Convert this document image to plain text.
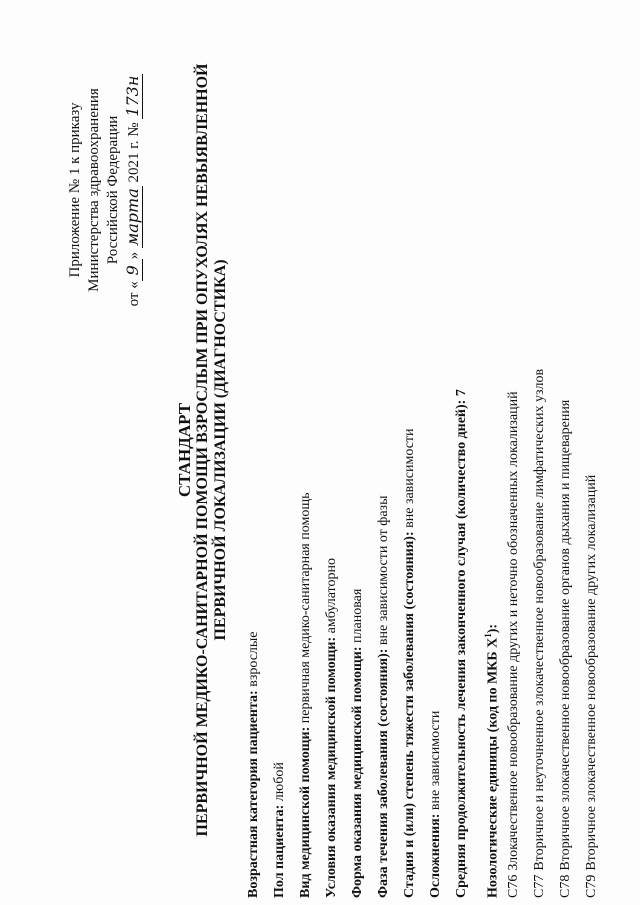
Приложение № 1 к приказу Министерства здравоохранения Российской Федерации
от «9» марта 2021 г. № 173н
СТАНДАРТ ПЕРВИЧНОЙ МЕДИКО-САНИТАРНОЙ ПОМОЩИ ВЗРОСЛЫМ ПРИ ОПУХОЛЯХ НЕВЫЯВЛЕННОЙ ПЕРВИЧНОЙ ЛОКАЛИЗАЦИИ (ДИАГНОСТИКА)
Возрастная категория пациента: взрослые
Пол пациента: любой Вид медицинской помощи: первичная медико-санитарная помощь
Условия оказания медицинской помощи: амбулаторно
Форма оказания медицинской помощи: плановая
Фаза течения заболевания (состояния): вне зависимости от фазы Стадия и (или) степень тяжести заболевания (состояния): вне зависимости
Осложнения: вне зависимости Средняя продолжительность лечения законченного случая (количество дней): 7
Нозологические единицы (код по МКБ $X^1$):
C76Злокачественное новообразование других и неточно обозначенных локализаций
C77Вторичное и неуточненное злокачественное новообразование лимфатических узлов
C78Вторичное злокачественное новообразование органов дыхания и пищеварения
C79Вторичное злокачественное новообразование других локализаций
